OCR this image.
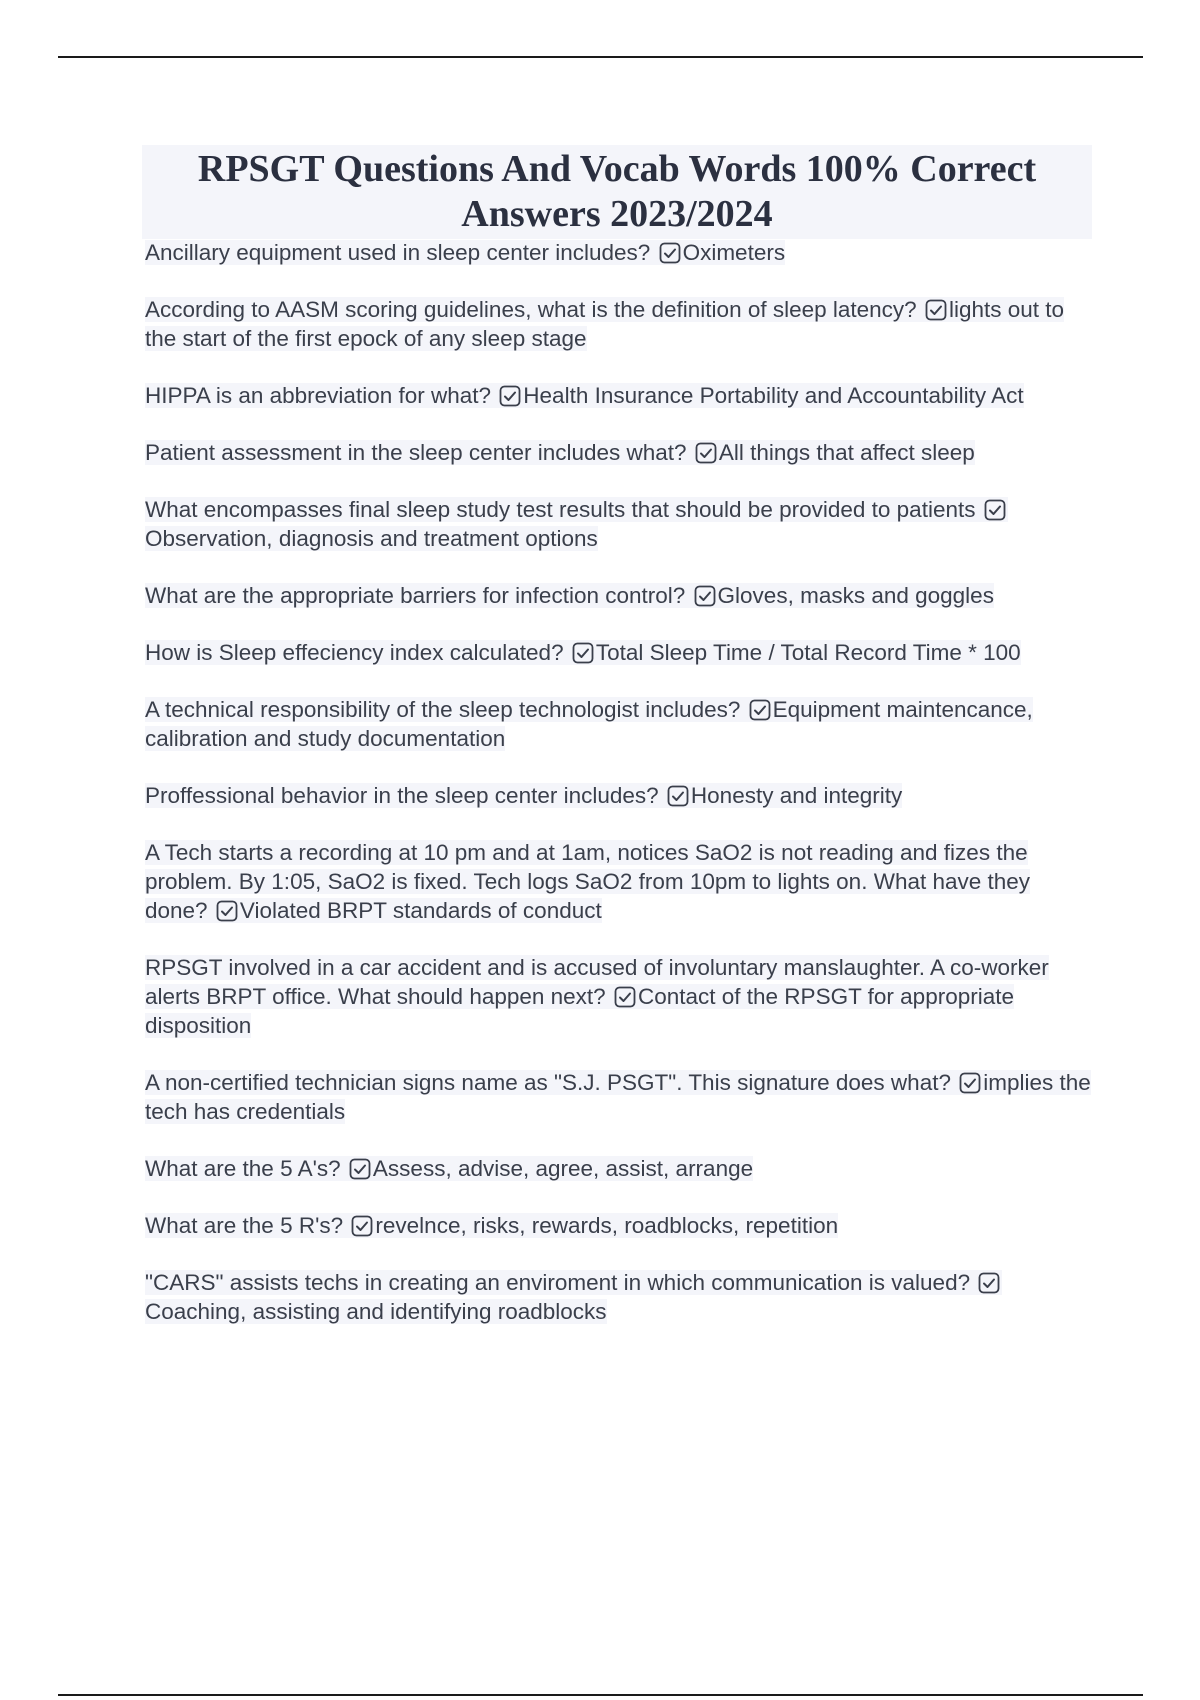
RPSGT Questions And Vocab Words 100% Correct Answers 2023/2024

Ancillary equipment used in sleep center includes? Oximeters

According to AASM scoring guidelines, what is the definition of sleep latency? lights out to the start of the first epock of any sleep stage

HIPPA is an abbreviation for what? Health Insurance Portability and Accountability Act

Patient assessment in the sleep center includes what? All things that affect sleep

What encompasses final sleep study test results that should be provided to patients
Observation, diagnosis and treatment options

What are the appropriate barriers for infection control? Gloves, masks and goggles

How is Sleep effeciency index calculated? Total Sleep Time / Total Record Time * 100

A technical responsibility of the sleep technologist includes? Equipment maintencance, calibration and study documentation

Proffessional behavior in the sleep center includes? Honesty and integrity

A Tech starts a recording at 10 pm and at 1am, notices SaO2 is not reading and fizes the problem. By 1:05, SaO2 is fixed. Tech logs SaO2 from 10pm to lights on. What have they done? Violated BRPT standards of conduct

RPSGT involved in a car accident and is accused of involuntary manslaughter. A co-worker alerts BRPT office. What should happen next? Contact of the RPSGT for appropriate disposition

A non-certified technician signs name as "S.J. PSGT". This signature does what? implies the tech has credentials

What are the 5 A's? Assess, advise, agree, assist, arrange

What are the 5 R's? revelnce, risks, rewards, roadblocks, repetition

"CARS" assists techs in creating an enviroment in which communication is valued?
Coaching, assisting and identifying roadblocks
